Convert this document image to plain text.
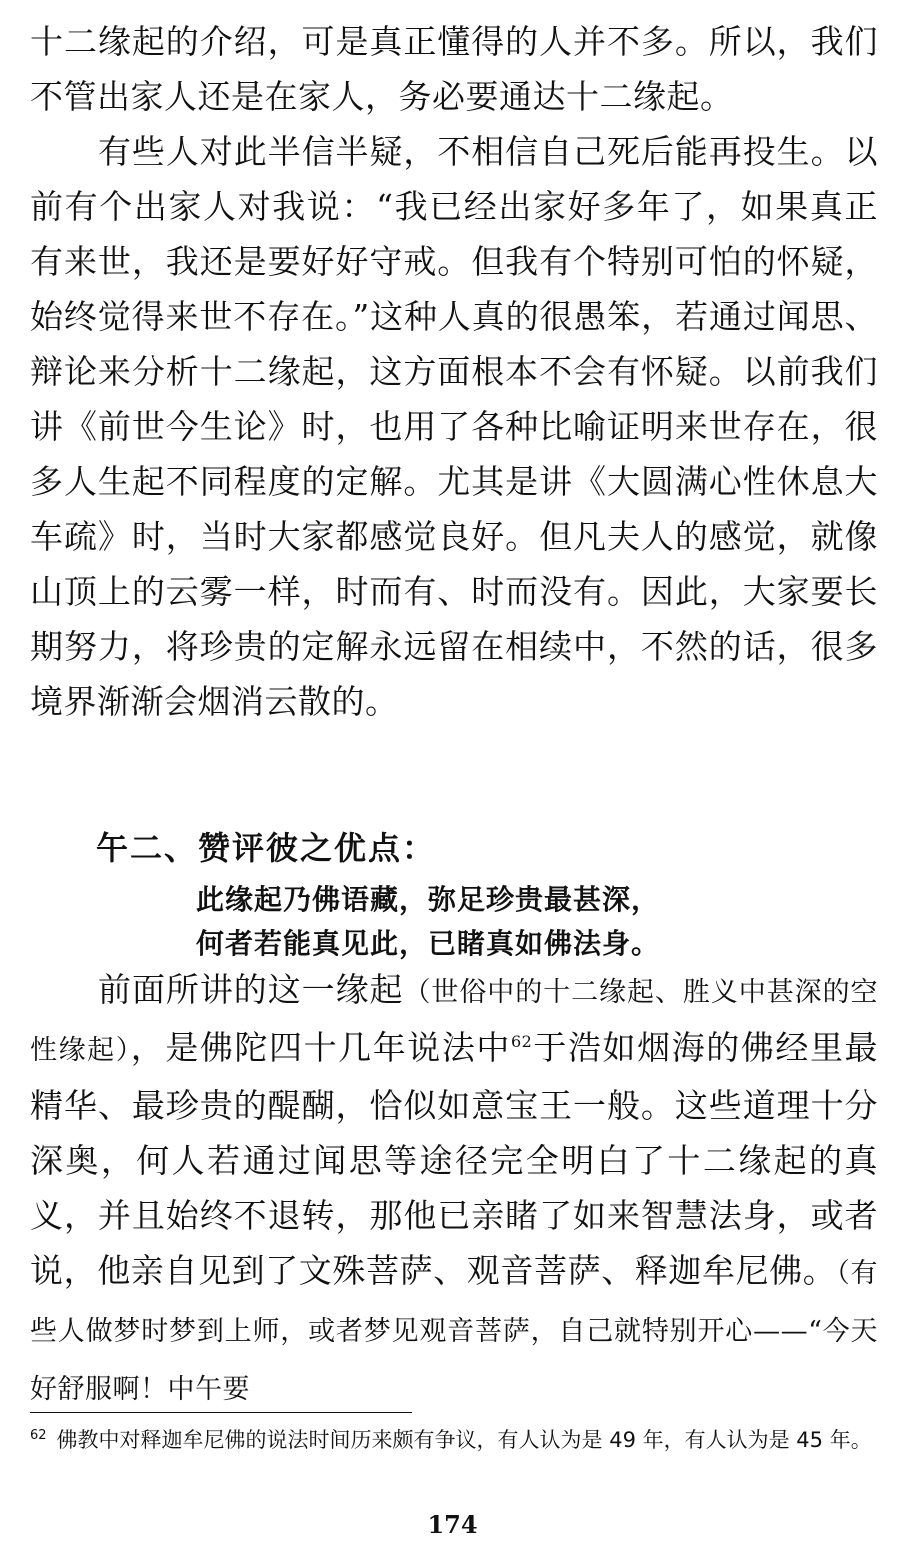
十二缘起的介绍，可是真正懂得的人并不多。所以，我们不管出家人还是在家人，务必要通达十二缘起。

有些人对此半信半疑，不相信自己死后能再投生。以前有个出家人对我说：“我已经出家好多年了，如果真正有来世，我还是要好好守戒。但我有个特别可怕的怀疑，始终觉得来世不存在。”这种人真的很愚笨，若通过闻思、辩论来分析十二缘起，这方面根本不会有怀疑。以前我们讲《前世今生论》时，也用了各种比喻证明来世存在，很多人生起不同程度的定解。尤其是讲《大圆满心性休息大车疏》时，当时大家都感觉良好。但凡夫人的感觉，就像山顶上的云雾一样，时而有、时而没有。因此，大家要长期努力，将珍贵的定解永远留在相续中，不然的话，很多境界渐渐会烟消云散的。

午二、赞评彼之优点：
此缘起乃佛语藏，弥足珍贵最甚深，
何者若能真见此，已睹真如佛法身。

前面所讲的这一缘起（世俗中的十二缘起、胜义中甚深的空性缘起），是佛陀四十几年说法中$^{62}$于浩如烟海的佛经里最精华、最珍贵的醍醐，恰似如意宝王一般。这些道理十分深奥，何人若通过闻思等途径完全明白了十二缘起的真义，并且始终不退转，那他已亲睹了如来智慧法身，或者说，他亲自见到了文殊菩萨、观音菩萨、释迦牟尼佛。（有些人做梦时梦到上师，或者梦见观音菩萨，自己就特别开心——“今天好舒服啊！中午要

$^{62}$ 佛教中对释迦牟尼佛的说法时间历来颇有争议，有人认为是 49 年，有人认为是 45 年。
174
